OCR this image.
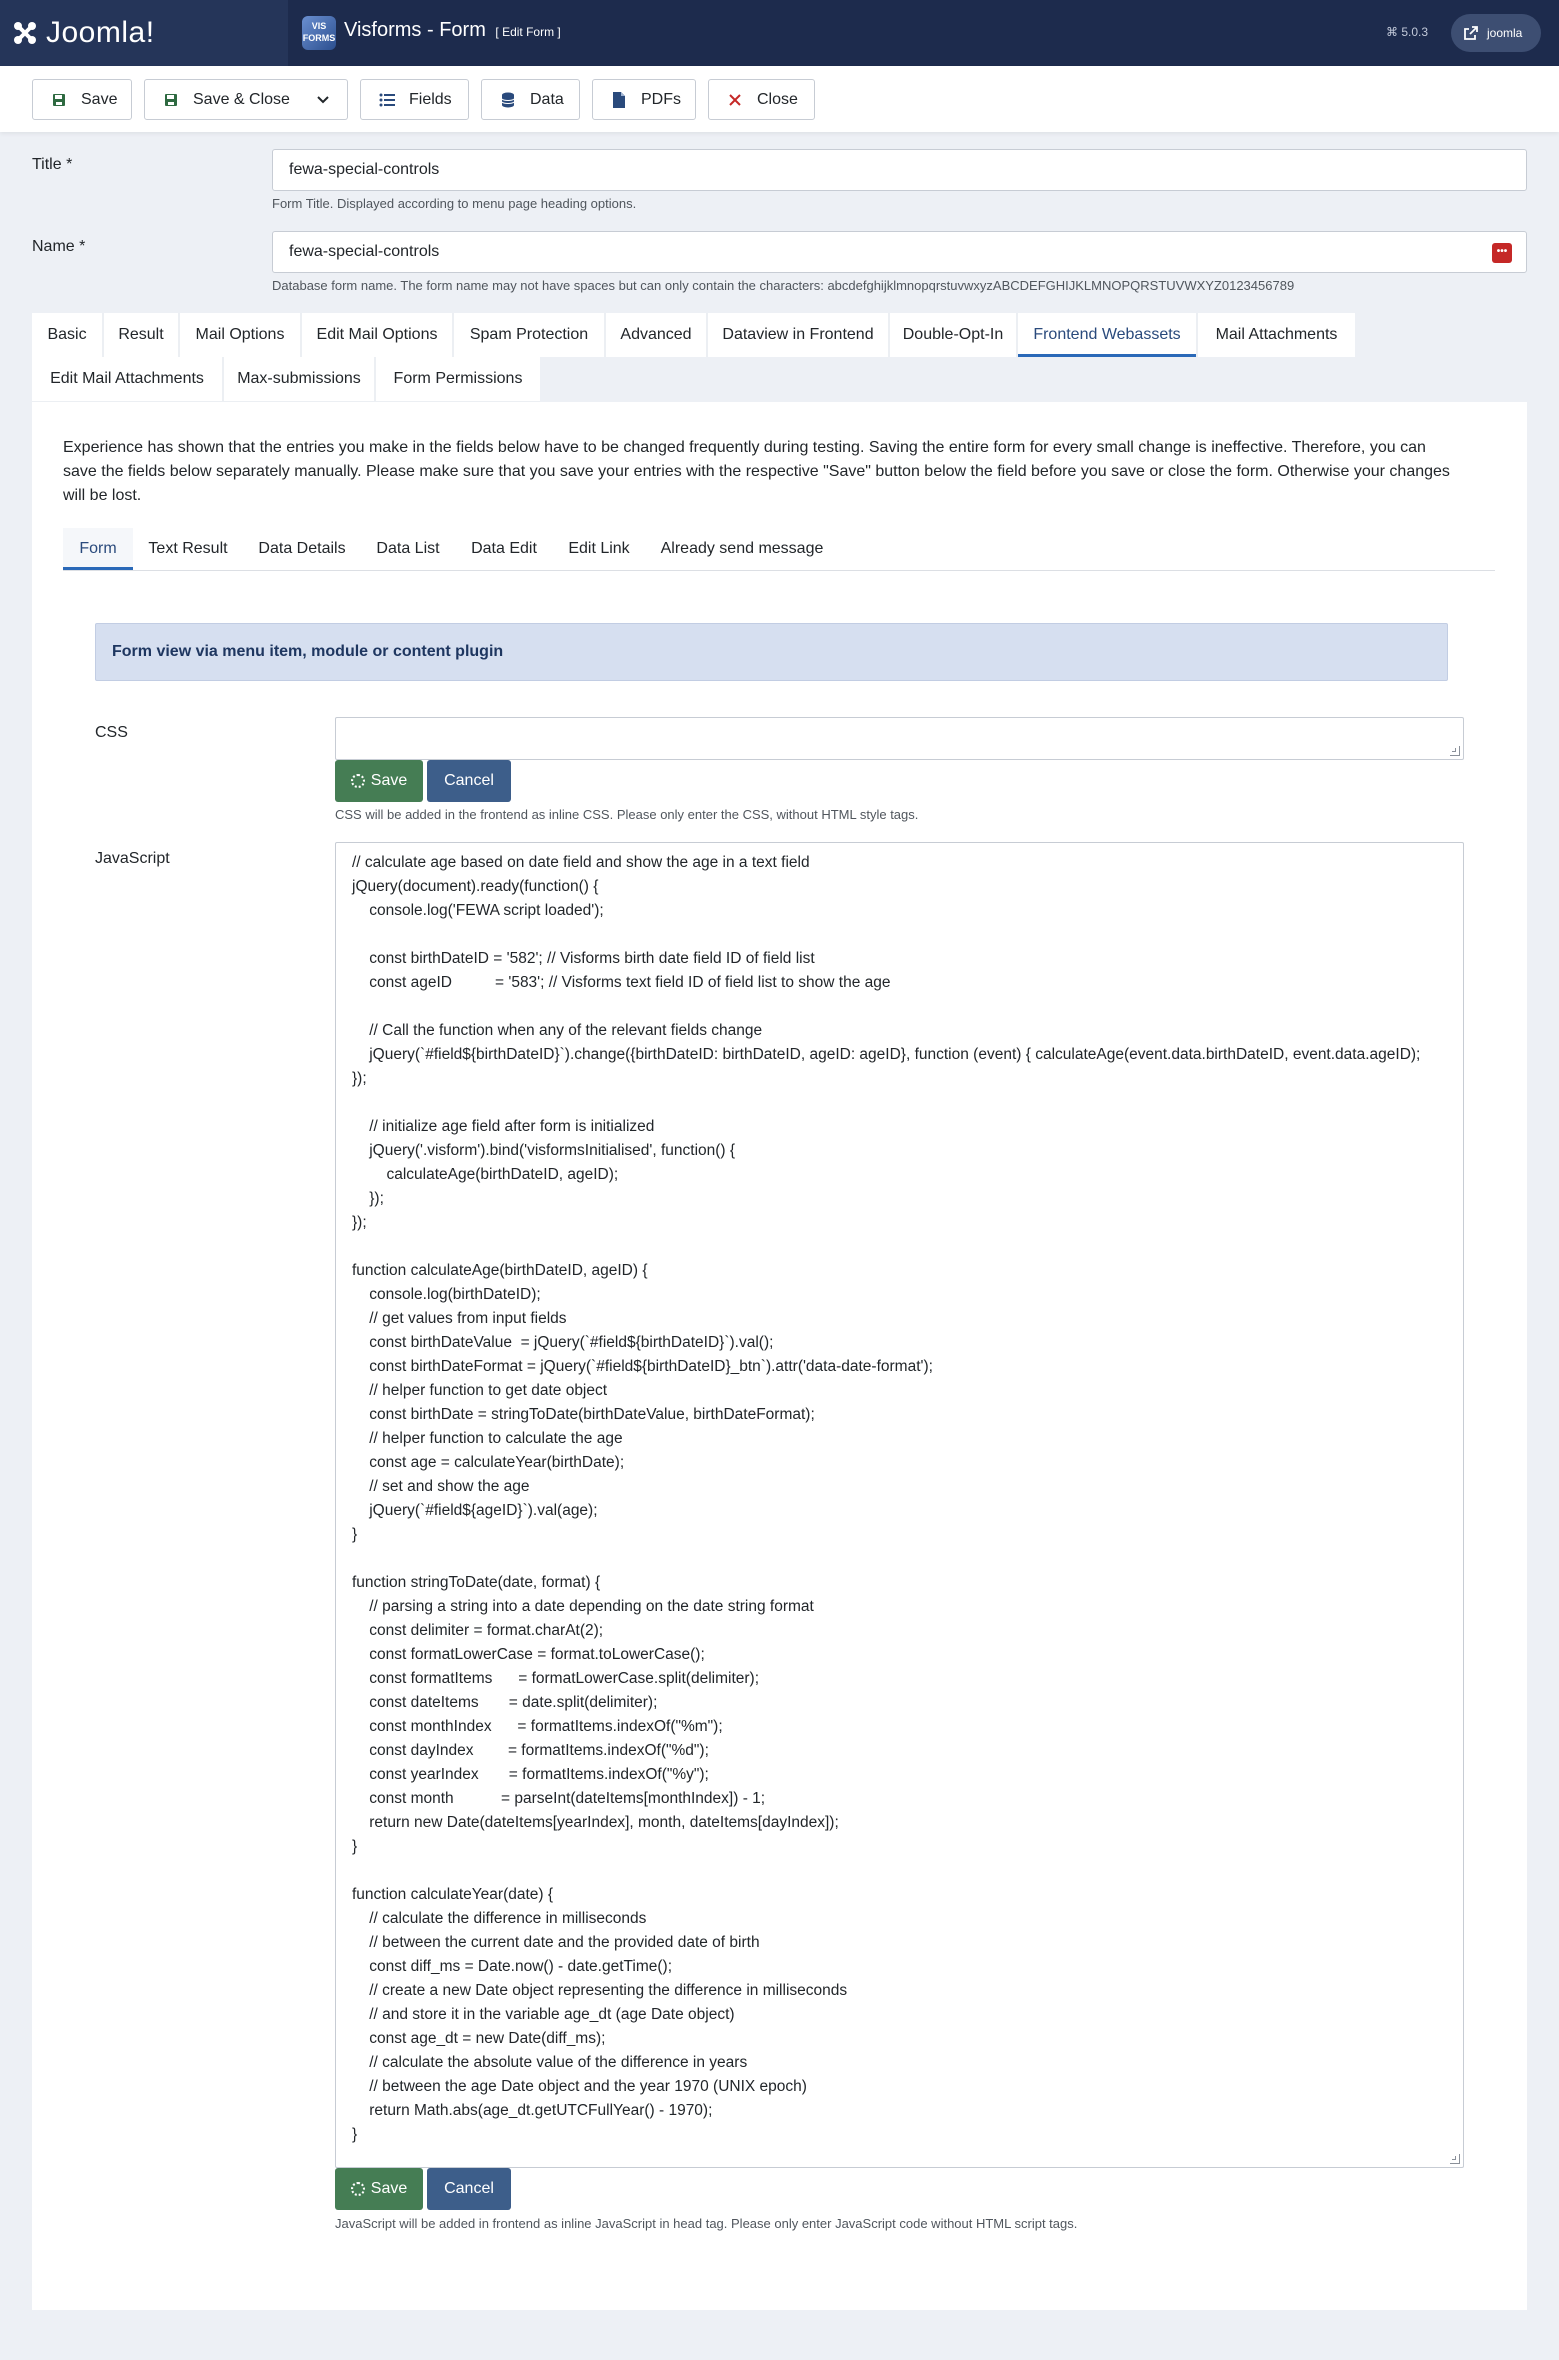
Joomla!	VIS FORMS Visforms - Form [ Edit Form ]	⌘ 5.0.3	joomla
Save	Save & Close	Fields	Data	PDFs	Close
Title *	fewa-special-controls
Form Title. Displayed according to menu page heading options.
Name *	fewa-special-controls	•••
Database form name. The form name may not have spaces but can only contain the characters: abcdefghijklmnopqrstuvwxyzABCDEFGHIJKLMNOPQRSTUVWXYZ0123456789
Basic	Result	Mail Options	Edit Mail Options	Spam Protection	Advanced	Dataview in Frontend	Double-Opt-In	Frontend Webassets	Mail Attachments
Edit Mail Attachments	Max-submissions	Form Permissions
Experience has shown that the entries you make in the fields below have to be changed frequently during testing. Saving the entire form for every small change is ineffective. Therefore, you can save the fields below separately manually. Please make sure that you save your entries with the respective "Save" button below the field before you save or close the form. Otherwise your changes will be lost.
Form	Text Result	Data Details	Data List	Data Edit	Edit Link	Already send message
Form view via menu item, module or content plugin
CSS
Save	Cancel
CSS will be added in the frontend as inline CSS. Please only enter the CSS, without HTML style tags.
JavaScript	// calculate age based on date field and show the age in a text field
jQuery(document).ready(function() {
console.log('FEWA script loaded');

const birthDateID = '582'; // Visforms birth date field ID of field list
const ageID          = '583'; // Visforms text field ID of field list to show the age

// Call the function when any of the relevant fields change
jQuery(`#field${birthDateID}`).change({birthDateID: birthDateID, ageID: ageID}, function (event) { calculateAge(event.data.birthDateID, event.data.ageID);
});

// initialize age field after form is initialized
jQuery('.visform').bind('visformsInitialised', function() {
calculateAge(birthDateID, ageID);
});
});

function calculateAge(birthDateID, ageID) {
console.log(birthDateID);
// get values from input fields
const birthDateValue  = jQuery(`#field${birthDateID}`).val();
const birthDateFormat = jQuery(`#field${birthDateID}_btn`).attr('data-date-format');
// helper function to get date object
const birthDate = stringToDate(birthDateValue, birthDateFormat);
// helper function to calculate the age
const age = calculateYear(birthDate);
// set and show the age
jQuery(`#field${ageID}`).val(age);
}

function stringToDate(date, format) {
// parsing a string into a date depending on the date string format
const delimiter = format.charAt(2);
const formatLowerCase = format.toLowerCase();
const formatItems      = formatLowerCase.split(delimiter);
const dateItems       = date.split(delimiter);
const monthIndex      = formatItems.indexOf("%m");
const dayIndex        = formatItems.indexOf("%d");
const yearIndex       = formatItems.indexOf("%y");
const month           = parseInt(dateItems[monthIndex]) - 1;
return new Date(dateItems[yearIndex], month, dateItems[dayIndex]);
}

function calculateYear(date) {
// calculate the difference in milliseconds
// between the current date and the provided date of birth
const diff_ms = Date.now() - date.getTime();
// create a new Date object representing the difference in milliseconds
// and store it in the variable age_dt (age Date object)
const age_dt = new Date(diff_ms);
// calculate the absolute value of the difference in years
// between the age Date object and the year 1970 (UNIX epoch)
return Math.abs(age_dt.getUTCFullYear() - 1970);
}
Save	Cancel
JavaScript will be added in frontend as inline JavaScript in head tag. Please only enter JavaScript code without HTML script tags.
